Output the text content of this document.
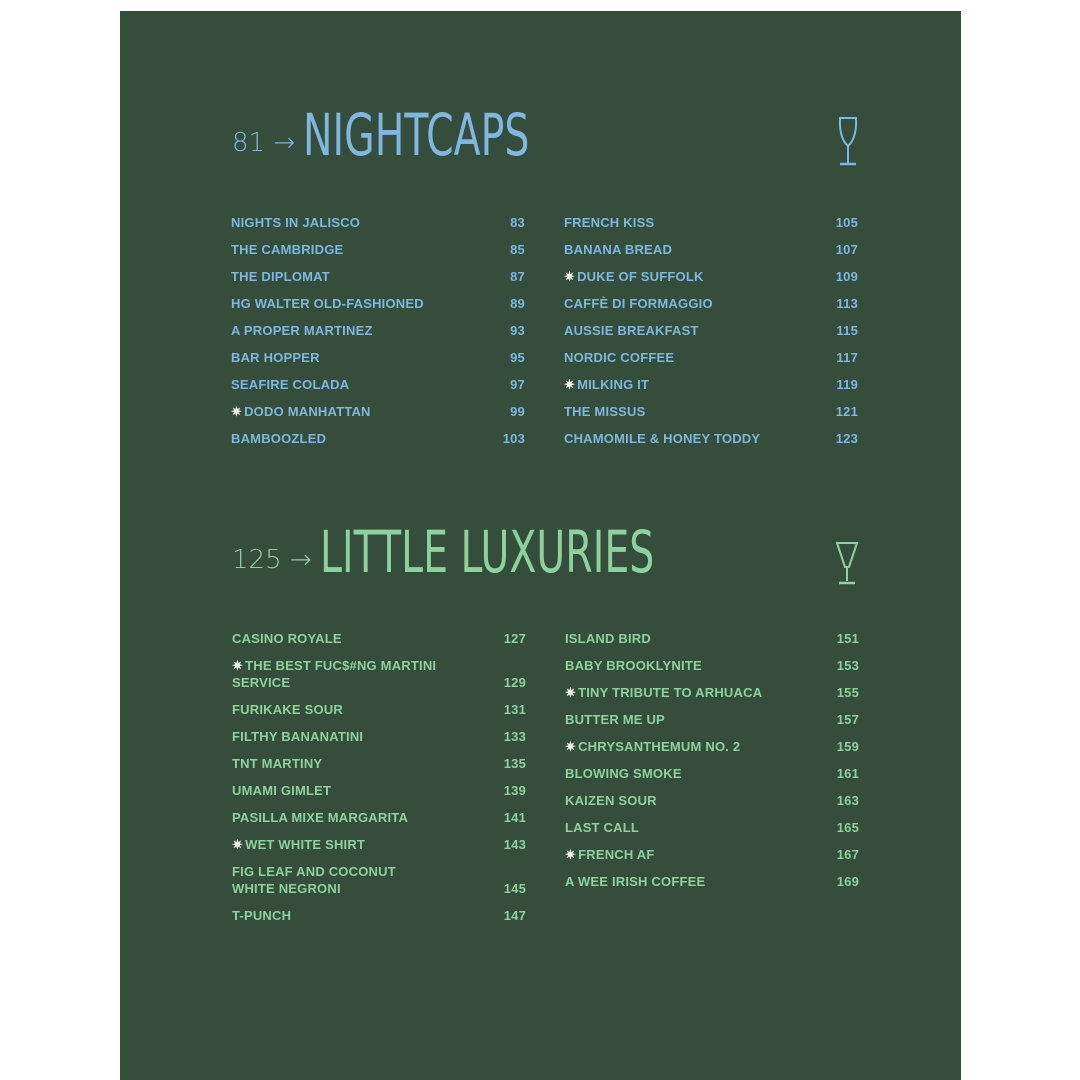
81 → NIGHTCAPS
NIGHTS IN JALISCO	83
THE CAMBRIDGE	85
THE DIPLOMAT	87
HG WALTER OLD-FASHIONED	89
A PROPER MARTINEZ	93
BAR HOPPER	95
SEAFIRE COLADA	97
✷ DODO MANHATTAN	99
BAMBOOZLED	103
FRENCH KISS	105
BANANA BREAD	107
✷ DUKE OF SUFFOLK	109
CAFFÈ DI FORMAGGIO	113
AUSSIE BREAKFAST	115
NORDIC COFFEE	117
✷ MILKING IT	119
THE MISSUS	121
CHAMOMILE & HONEY TODDY	123
125 → LITTLE LUXURIES
CASINO ROYALE	127
✷ THE BEST FUC$#NG MARTINI
SERVICE	129
FURIKAKE SOUR	131
FILTHY BANANATINI	133
TNT MARTINY	135
UMAMI GIMLET	139
PASILLA MIXE MARGARITA	141
✷ WET WHITE SHIRT	143
FIG LEAF AND COCONUT
WHITE NEGRONI	145
T-PUNCH	147
ISLAND BIRD	151
BABY BROOKLYNITE	153
✷ TINY TRIBUTE TO ARHUACA	155
BUTTER ME UP	157
✷ CHRYSANTHEMUM NO. 2	159
BLOWING SMOKE	161
KAIZEN SOUR	163
LAST CALL	165
✷ FRENCH AF	167
A WEE IRISH COFFEE	169
